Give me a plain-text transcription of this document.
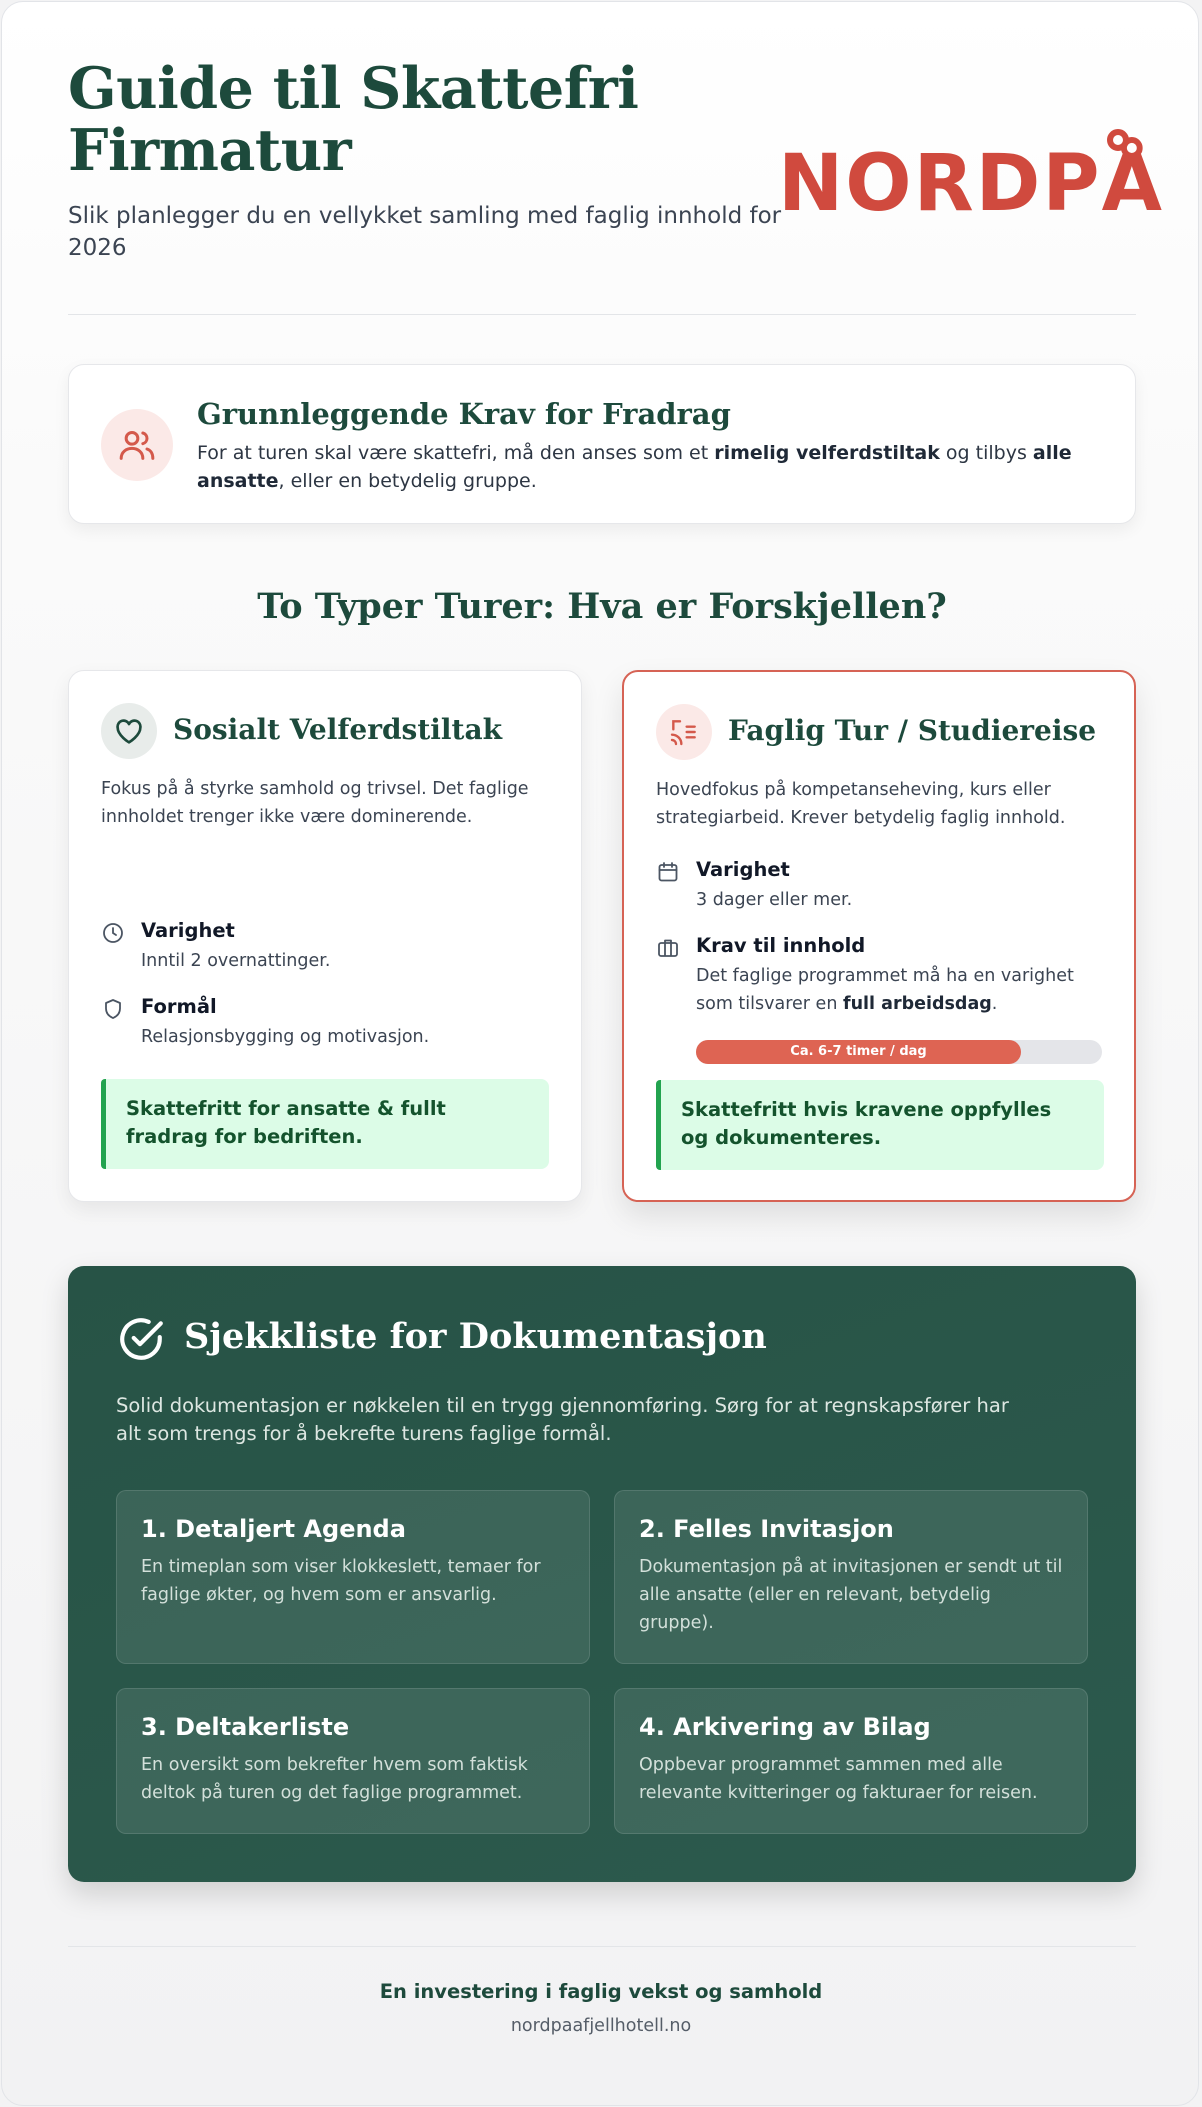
Guide til Skattefri Firmatur

Slik planlegger du en vellykket samling med faglig innhold for 2026

NORDPÅ
Grunnleggende Krav for Fradrag

For at turen skal være skattefri, må den anses som et rimelig velferdstiltak og tilbys alle ansatte, eller en betydelig gruppe.

To Typer Turer: Hva er Forskjellen?
Sosialt Velferdstiltak

Fokus på å styrke samhold og trivsel. Det faglige innholdet trenger ikke være dominerende.

Varighet
Inntil 2 overnattinger.
Formål
Relasjonsbygging og motivasjon.
Skattefritt for ansatte & fullt fradrag for bedriften.
Faglig Tur / Studiereise

Hovedfokus på kompetanseheving, kurs eller strategiarbeid. Krever betydelig faglig innhold.

Varighet
3 dager eller mer.
Krav til innhold
Det faglige programmet må ha en varighet som tilsvarer en full arbeidsdag.
Ca. 6-7 timer / dag
Skattefritt hvis kravene oppfylles og dokumenteres.
Sjekkliste for Dokumentasjon

Solid dokumentasjon er nøkkelen til en trygg gjennomføring. Sørg for at regnskapsfører har alt som trengs for å bekrefte turens faglige formål.

1. Detaljert Agenda
En timeplan som viser klokkeslett, temaer for faglige økter, og hvem som er ansvarlig.
2. Felles Invitasjon
Dokumentasjon på at invitasjonen er sendt ut til alle ansatte (eller en relevant, betydelig gruppe).
3. Deltakerliste
En oversikt som bekrefter hvem som faktisk deltok på turen og det faglige programmet.
4. Arkivering av Bilag
Oppbevar programmet sammen med alle relevante kvitteringer og fakturaer for reisen.
En investering i faglig vekst og samhold
nordpaafjellhotell.no
